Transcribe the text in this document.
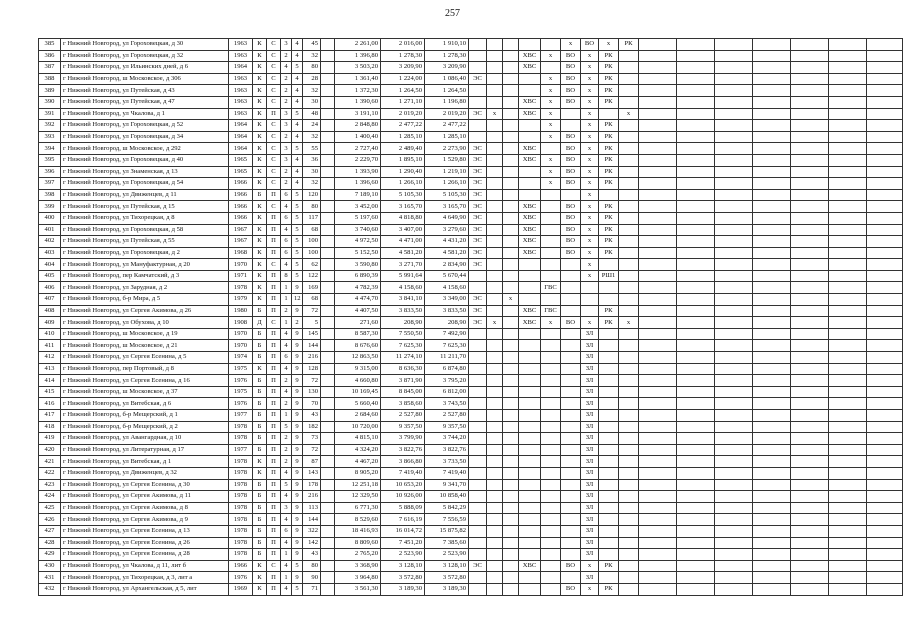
257
385	г Нижний Новгород, ул Гороховецкая, д 30	1963	К	С	3	4	45		2 261,00	2 016,00	1 910,10						x	ВО	x	РК							
386	г Нижний Новгород, ул Гороховецкая, д 32	1963	К	С	2	4	32		1 396,80	1 278,30	1 278,30				ХВС	x	ВО	x	РК								
387	г Нижний Новгород, ул Ильинских дней, д 6	1964	К	С	4	5	80		3 503,20	3 209,90	3 209,90				ХВС		ВО	x	РК								
388	г Нижний Новгород, ш Московское, д 306	1963	К	С	2	4	28		1 361,40	1 224,00	1 086,40	ЭС				x	ВО	x	РК								
389	г Нижний Новгород, ул Путейская, д 43	1963	К	С	2	4	32		1 372,30	1 264,50	1 264,50					x	ВО	x	РК								
390	г Нижний Новгород, ул Путейская, д 47	1963	К	С	2	4	30		1 390,60	1 271,10	1 196,80				ХВС	x	ВО	x	РК								
391	г Нижний Новгород, ул Чкалова, д 1	1963	К	П	3	5	48		3 191,10	2 019,20	2 019,20	ЭС	x		ХВС	x		x		x							
392	г Нижний Новгород, ул Гороховецкая, д 52	1964	К	С	3	4	24		2 848,80	2 477,22	2 477,22					x		x	РК								
393	г Нижний Новгород, ул Гороховецкая, д 34	1964	К	С	2	4	32		1 400,40	1 285,10	1 285,10					x	ВО	x	РК								
394	г Нижний Новгород, ш Московское, д 292	1964	К	С	3	5	55		2 727,40	2 489,40	2 273,90	ЭС			ХВС		ВО	x	РК								
395	г Нижний Новгород, ул Гороховецкая, д 40	1965	К	С	3	4	36		2 229,70	1 895,10	1 529,80	ЭС			ХВС	x	ВО	x	РК								
396	г Нижний Новгород, ул Знаменская, д 13	1965	К	С	2	4	30		1 393,90	1 290,40	1 219,10	ЭС				x	ВО	x	РК								
397	г Нижний Новгород, ул Гороховецкая, д 54	1966	К	С	2	4	32		1 396,60	1 266,10	1 266,10	ЭС				x	ВО	x	РК								
398	г Нижний Новгород, ул Движенцев, д 11	1966	Б	П	6	5	120		7 189,10	5 105,30	5 105,30	ЭС						x									
399	г Нижний Новгород, ул Путейская, д 15	1966	К	С	4	5	80		3 452,00	3 165,70	3 165,70	ЭС			ХВС		ВО	x	РК								
400	г Нижний Новгород, ул Тихорецкая, д 8	1966	К	П	6	5	117		5 197,60	4 818,80	4 649,90	ЭС			ХВС		ВО	x	РК								
401	г Нижний Новгород, ул Гороховецкая, д 58	1967	К	П	4	5	68		3 740,60	3 407,00	3 279,60	ЭС			ХВС		ВО	x	РК								
402	г Нижний Новгород, ул Путейская, д 55	1967	К	П	6	5	100		4 972,50	4 471,00	4 431,20	ЭС			ХВС		ВО	x	РК								
403	г Нижний Новгород, ул Гороховецкая, д 2	1968	К	П	6	5	100		5 152,50	4 581,20	4 581,20	ЭС			ХВС		ВО	x	РК								
404	г Нижний Новгород, ул Мануфактурная, д 20	1970	К	С	4	5	62		3 590,80	3 271,70	2 834,90	ЭС						x									
405	г Нижний Новгород, пер Камчатский, д 3	1971	К	П	8	5	122		6 890,39	5 991,64	5 670,44							x	РШ1								
406	г Нижний Новгород, ул Зарудная, д 2	1978	К	П	1	9	169		4 782,39	4 158,60	4 158,60					ГВС											
407	г Нижний Новгород, б-р Мира, д 5	1979	К	П	1	12	68		4 474,70	3 841,10	3 349,00	ЭС		x													
408	г Нижний Новгород, ул Сергея Акимова, д 26	1980	Б	П	2	9	72		4 407,50	3 833,50	3 833,50	ЭС			ХВС	ГВС			РК								
409	г Нижний Новгород, ул Обухова, д 10	1908	Д	С	1	2	5		271,60	208,90	208,90	ЭС	x		ХВС	x	ВО	x	РК	x							
410	г Нижний Новгород, ш Московское, д 19	1970	Б	П	4	9	145		8 587,30	7 550,50	7 492,90							ЗЛ									
411	г Нижний Новгород, ш Московское, д 21	1970	Б	П	4	9	144		8 676,60	7 625,30	7 625,30							ЗЛ									
412	г Нижний Новгород, ул Сергея Есенина, д 5	1974	Б	П	6	9	216		12 863,50	11 274,10	11 211,70							ЗЛ									
413	г Нижний Новгород, пер Портовый, д 8	1975	К	П	4	9	128		9 315,00	8 636,30	6 874,80							ЗЛ									
414	г Нижний Новгород, ул Сергея Есенина, д 16	1976	Б	П	2	9	72		4 660,80	3 871,90	3 795,20							ЗЛ									
415	г Нижний Новгород, ш Московское, д 37	1975	Б	П	4	9	130		10 169,45	8 845,00	6 812,00							ЗЛ									
416	г Нижний Новгород, ул Витебская, д 6	1976	Б	П	2	9	70		5 660,40	3 858,60	3 743,50							ЗЛ									
417	г Нижний Новгород, б-р Мещерский, д 1	1977	Б	П	1	9	43		2 684,60	2 527,80	2 527,80							ЗЛ									
418	г Нижний Новгород, б-р Мещерский, д 2	1978	Б	П	5	9	182		10 720,00	9 357,50	9 357,50							ЗЛ									
419	г Нижний Новгород, ул Авангардная, д 10	1978	Б	П	2	9	73		4 815,10	3 799,90	3 744,20							ЗЛ									
420	г Нижний Новгород, ул Литературная, д 17	1977	Б	П	2	9	72		4 324,20	3 822,76	3 822,76							ЗЛ									
421	г Нижний Новгород, ул Витебская, д 1	1978	К	П	2	9	87		4 467,20	3 866,80	3 733,50							ЗЛ									
422	г Нижний Новгород, ул Движенцев, д 32	1978	К	П	4	9	143		8 905,20	7 419,40	7 419,40							ЗЛ									
423	г Нижний Новгород, ул Сергея Есенина, д 30	1978	Б	П	5	9	178		12 251,18	10 653,20	9 341,70							ЗЛ									
424	г Нижний Новгород, ул Сергея Акимова, д 11	1978	Б	П	4	9	216		12 329,50	10 926,00	10 858,40							ЗЛ									
425	г Нижний Новгород, ул Сергея Акимова, д 8	1978	Б	П	3	9	113		6 771,30	5 888,09	5 842,29							ЗЛ									
426	г Нижний Новгород, ул Сергея Акимова, д 9	1978	Б	П	4	9	144		8 529,60	7 616,19	7 556,59							ЗЛ									
427	г Нижний Новгород, ул Сергея Есенина, д 13	1978	Б	П	6	9	322		18 416,93	16 014,72	15 875,82							ЗЛ									
428	г Нижний Новгород, ул Сергея Есенина, д 26	1978	Б	П	4	9	142		8 809,60	7 451,20	7 385,60							ЗЛ									
429	г Нижний Новгород, ул Сергея Есенина, д 28	1978	Б	П	1	9	43		2 765,20	2 523,90	2 523,90							ЗЛ									
430	г Нижний Новгород, ул Чкалова, д 11, лит б	1966	К	С	4	5	80		3 368,90	3 128,10	3 128,10	ЭС			ХВС		ВО	x	РК								
431	г Нижний Новгород, ул Тихорецкая, д 3, лит а	1976	К	П	1	9	90		3 964,80	3 572,80	3 572,80							ЗЛ									
432	г Нижний Новгород, ул Архангельская, д 5, лит	1969	К	П	4	5	71		3 561,30	3 189,30	3 189,30						ВО	x	РК								
